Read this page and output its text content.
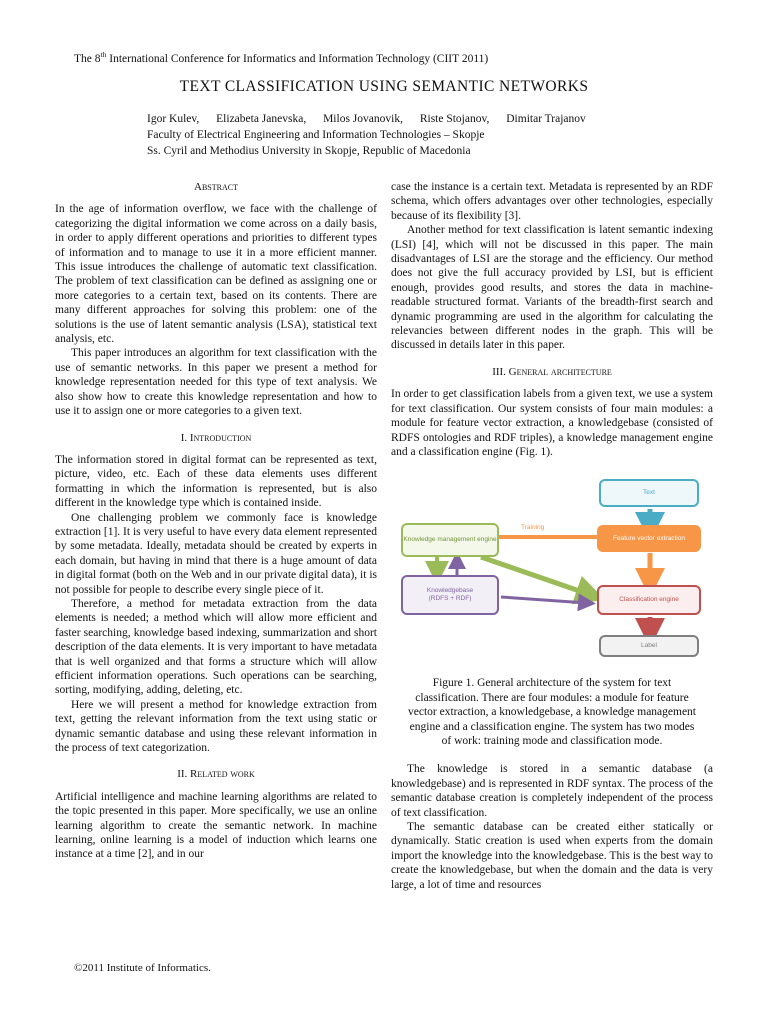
The 8th International Conference for Informatics and Information Technology (CIIT 2011)
TEXT CLASSIFICATION USING SEMANTIC NETWORKS
Igor Kulev, Elizabeta Janevska, Milos Jovanovik, Riste Stojanov, Dimitar Trajanov
Faculty of Electrical Engineering and Information Technologies – Skopje
Ss. Cyril and Methodius University in Skopje, Republic of Macedonia
Abstract

In the age of information overflow, we face with the challenge of categorizing the digital information we come across on a daily basis, in order to apply different operations and priorities to different types of information and to manage to use it in a more efficient manner. This issue introduces the challenge of automatic text classification. The problem of text classification can be defined as assigning one or more categories to a certain text, based on its contents. There are many different approaches for solving this problem: one of the solutions is the use of latent semantic analysis (LSA), statistical text analysis, etc.

This paper introduces an algorithm for text classification with the use of semantic networks. In this paper we present a method for knowledge representation needed for this type of text analysis. We also show how to create this knowledge representation and how to use it to assign one or more categories to a given text.

I. Introduction

The information stored in digital format can be represented as text, picture, video, etc. Each of these data elements uses different formatting in which the information is represented, but is also different in the knowledge type which is contained inside.

One challenging problem we commonly face is knowledge extraction [1]. It is very useful to have every data element represented by some metadata. Ideally, metadata should be created by experts in each domain, but having in mind that there is a huge amount of data in digital format (both on the Web and in our private digital data), it is not possible for people to describe every single piece of it.

Therefore, a method for metadata extraction from the data elements is needed; a method which will allow more efficient and faster searching, knowledge based indexing, summarization and short description of the data elements. It is very important to have metadata that is well organized and that forms a structure which will allow efficient information operations. Such operations can be searching, sorting, modifying, adding, deleting, etc.

Here we will present a method for knowledge extraction from text, getting the relevant information from the text using static or dynamic semantic database and using these relevant information in the process of text categorization.

II. Related work

Artificial intelligence and machine learning algorithms are related to the topic presented in this paper. More specifically, we use an online learning algorithm to create the semantic network. In machine learning, online learning is a model of induction which learns one instance at a time [2], and in our

case the instance is a certain text. Metadata is represented by an RDF schema, which offers advantages over other technologies, especially because of its flexibility [3].

Another method for text classification is latent semantic indexing (LSI) [4], which will not be discussed in this paper. The main disadvantages of LSI are the storage and the efficiency. Our method does not give the full accuracy provided by LSI, but is efficient enough, provides good results, and stores the data in machine-readable structured format. Variants of the breadth-first search and dynamic programming are used in the algorithm for calculating the relevancies between different nodes in the graph. This will be discussed in details later in this paper.

III. General architecture

In order to get classification labels from a given text, we use a system for text classification. Our system consists of four main modules: a module for feature vector extraction, a knowledgebase (consisted of RDFS ontologies and RDF triples), a knowledge management engine and a classification engine (Fig. 1).

Text
Feature vector extraction
Training
Knowledge management engine
Knowledgebase
(RDFS + RDF)	Classification engine
Label
Figure 1. General architecture of the system for text classification. There are four modules: a module for feature vector extraction, a knowledgebase, a knowledge management engine and a classification engine. The system has two modes of work: training mode and classification mode.

The knowledge is stored in a semantic database (a knowledgebase) and is represented in RDF syntax. The process of the semantic database creation is completely independent of the process of text classification.

The semantic database can be created either statically or dynamically. Static creation is used when experts from the domain import the knowledge into the knowledgebase. This is the best way to create the knowledgebase, but when the domain and the data is very large, a lot of time and resources

©2011 Institute of Informatics.
